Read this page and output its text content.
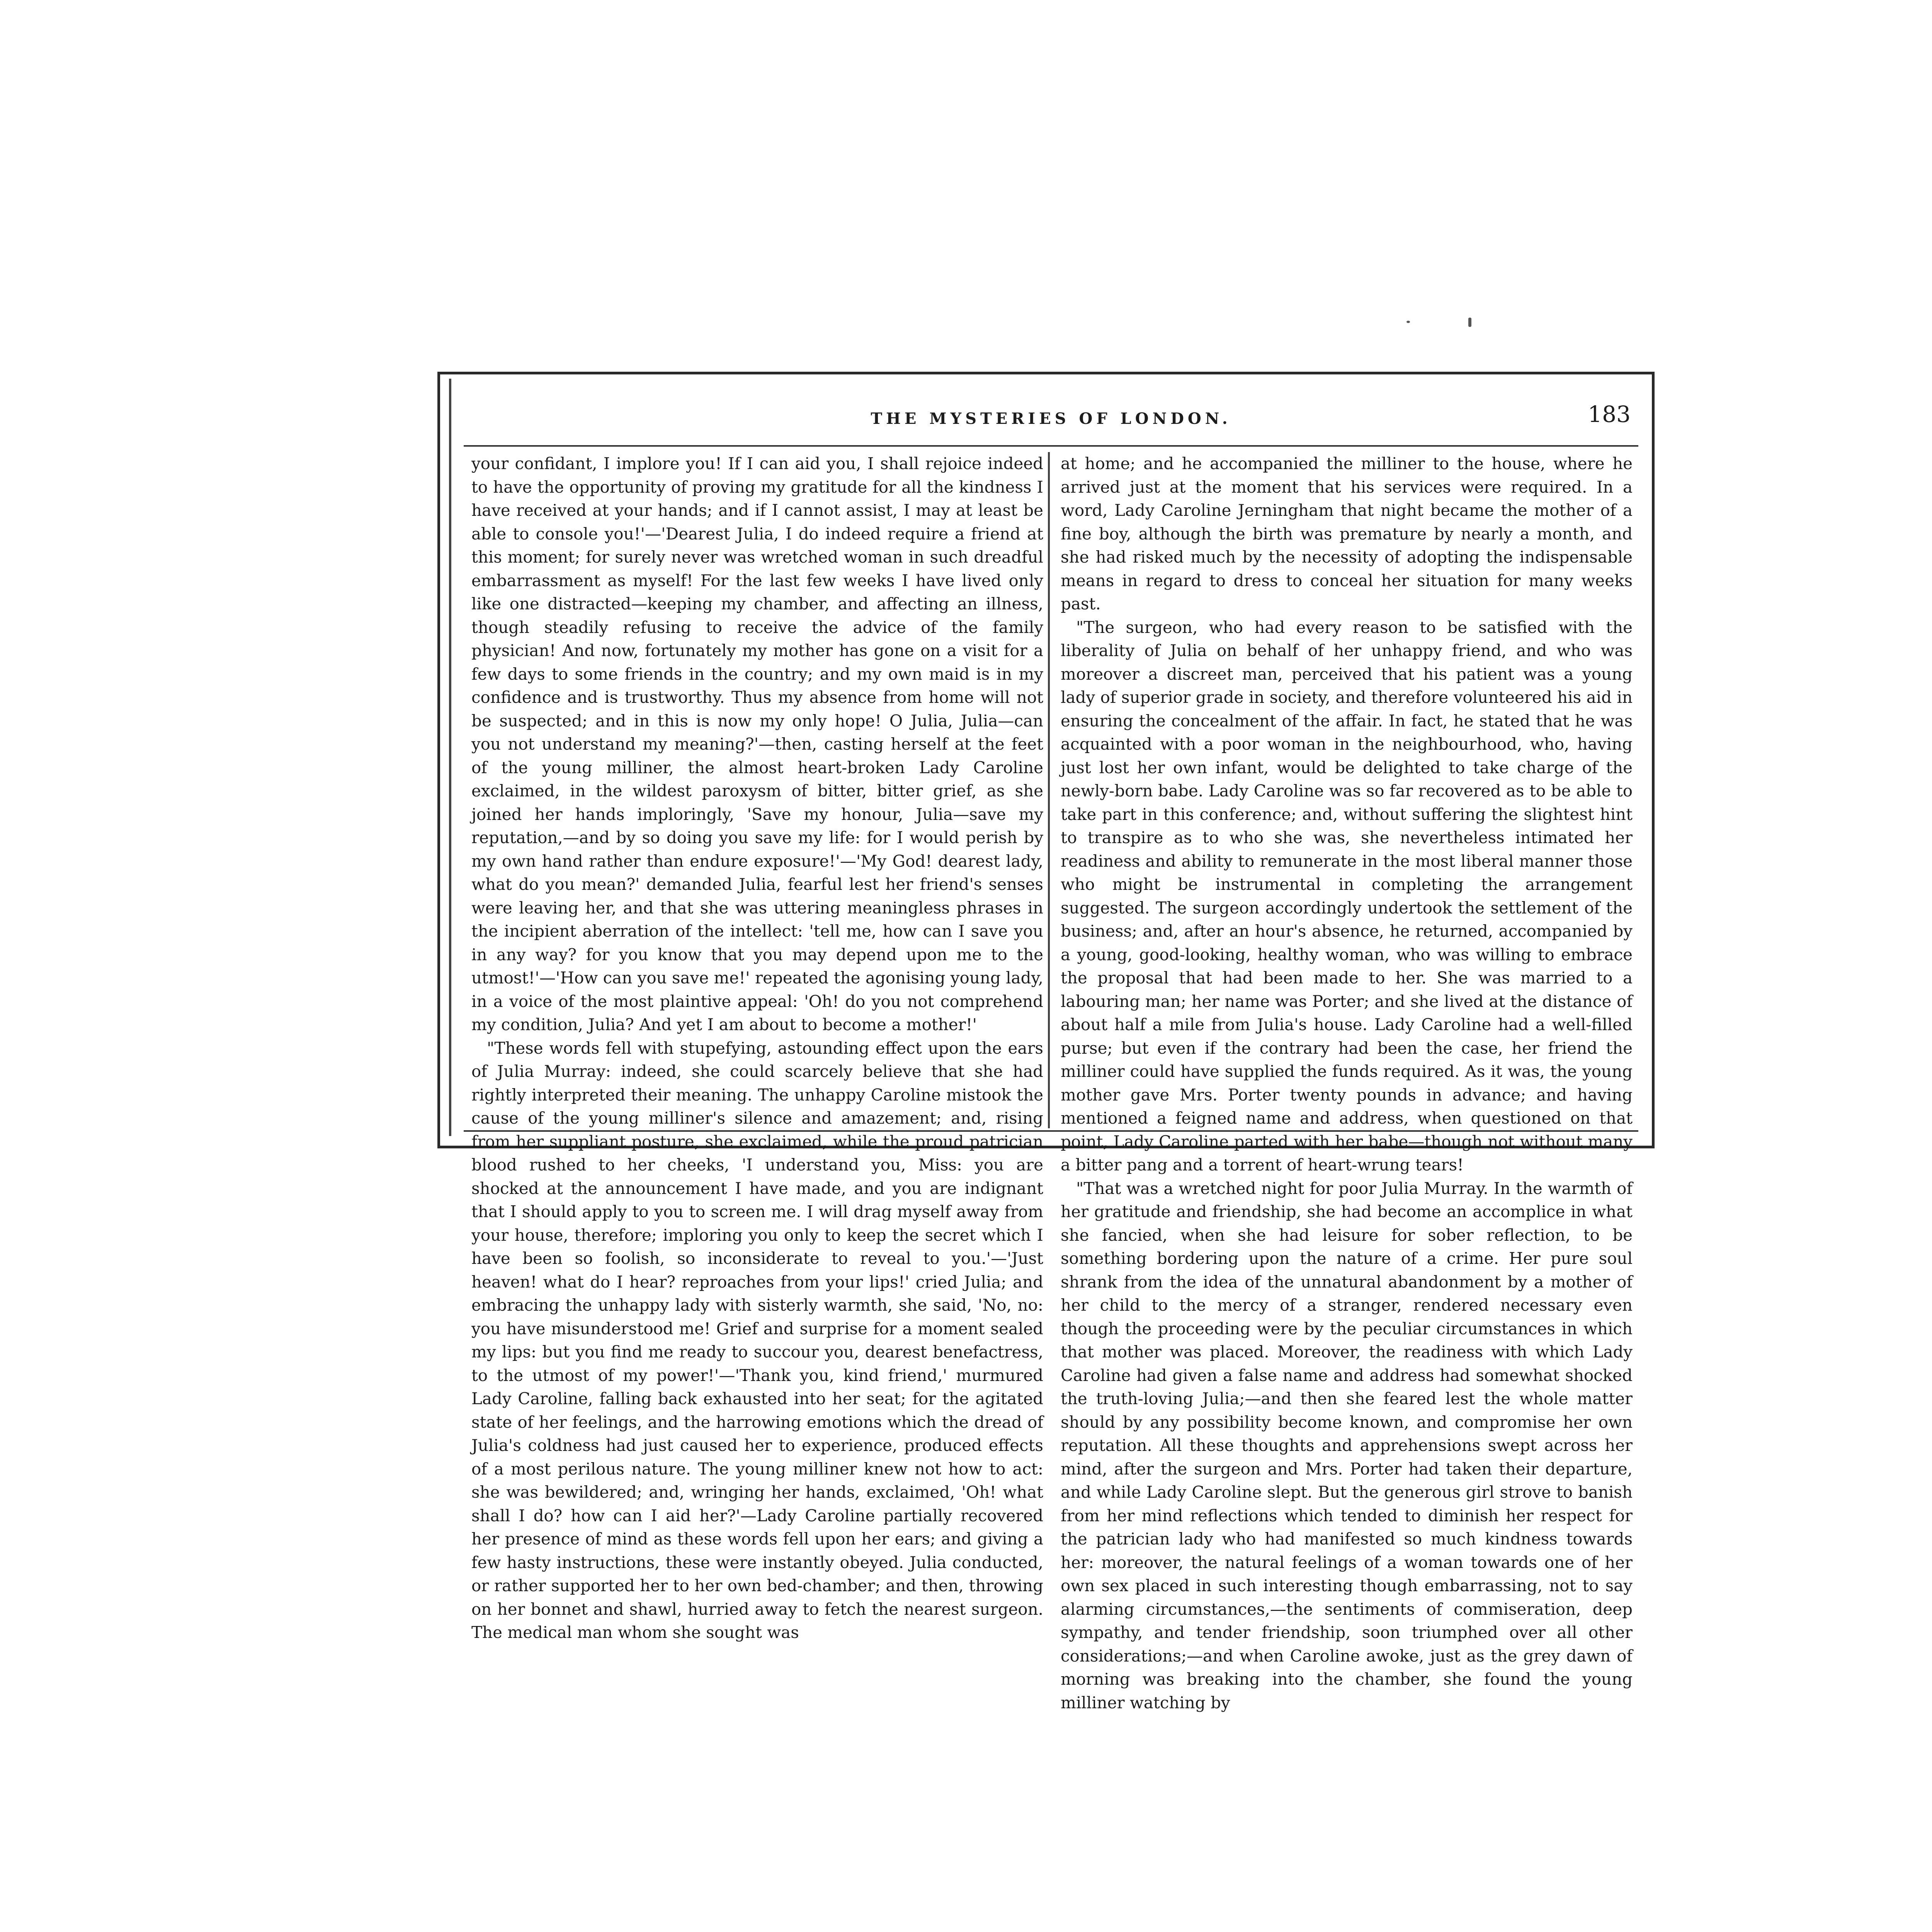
THE MYSTERIES OF LONDON.	183

your confidant, I implore you! If I can aid you, I shall rejoice indeed to have the opportunity of proving my gratitude for all the kindness I have received at your hands; and if I cannot assist, I may at least be able to console you!'—'Dearest Julia, I do indeed require a friend at this moment; for surely never was wretched woman in such dreadful embarrassment as myself! For the last few weeks I have lived only like one distracted—keeping my chamber, and affecting an illness, though steadily refusing to receive the advice of the family physician! And now, fortunately my mother has gone on a visit for a few days to some friends in the country; and my own maid is in my confidence and is trustworthy. Thus my absence from home will not be suspected; and in this is now my only hope! O Julia, Julia—can you not understand my meaning?'—then, casting herself at the feet of the young milliner, the almost heart-broken Lady Caroline exclaimed, in the wildest paroxysm of bitter, bitter grief, as she joined her hands imploringly, 'Save my honour, Julia—save my reputation,—and by so doing you save my life: for I would perish by my own hand rather than endure exposure!'—'My God! dearest lady, what do you mean?' demanded Julia, fearful lest her friend's senses were leaving her, and that she was uttering meaningless phrases in the incipient aberration of the intellect: 'tell me, how can I save you in any way? for you know that you may depend upon me to the utmost!'—'How can you save me!' repeated the agonising young lady, in a voice of the most plaintive appeal: 'Oh! do you not comprehend my condition, Julia? And yet I am about to become a mother!'

"These words fell with stupefying, astounding effect upon the ears of Julia Murray: indeed, she could scarcely believe that she had rightly interpreted their meaning. The unhappy Caroline mistook the cause of the young milliner's silence and amazement; and, rising from her suppliant posture, she exclaimed, while the proud patrician blood rushed to her cheeks, 'I understand you, Miss: you are shocked at the announcement I have made, and you are indignant that I should apply to you to screen me. I will drag myself away from your house, therefore; imploring you only to keep the secret which I have been so foolish, so inconsiderate to reveal to you.'—'Just heaven! what do I hear? reproaches from your lips!' cried Julia; and embracing the unhappy lady with sisterly warmth, she said, 'No, no: you have misunderstood me! Grief and surprise for a moment sealed my lips: but you find me ready to succour you, dearest benefactress, to the utmost of my power!'—'Thank you, kind friend,' murmured Lady Caroline, falling back exhausted into her seat; for the agitated state of her feelings, and the harrowing emotions which the dread of Julia's coldness had just caused her to experience, produced effects of a most perilous nature. The young milliner knew not how to act: she was bewildered; and, wringing her hands, exclaimed, 'Oh! what shall I do? how can I aid her?'—Lady Caroline partially recovered her presence of mind as these words fell upon her ears; and giving a few hasty instructions, these were instantly obeyed. Julia conducted, or rather supported her to her own bed-chamber; and then, throwing on her bonnet and shawl, hurried away to fetch the nearest surgeon. The medical man whom she sought was

at home; and he accompanied the milliner to the house, where he arrived just at the moment that his services were required. In a word, Lady Caroline Jerningham that night became the mother of a fine boy, although the birth was premature by nearly a month, and she had risked much by the necessity of adopting the indispensable means in regard to dress to conceal her situation for many weeks past.

"The surgeon, who had every reason to be satisfied with the liberality of Julia on behalf of her unhappy friend, and who was moreover a discreet man, perceived that his patient was a young lady of superior grade in society, and therefore volunteered his aid in ensuring the concealment of the affair. In fact, he stated that he was acquainted with a poor woman in the neighbourhood, who, having just lost her own infant, would be delighted to take charge of the newly-born babe. Lady Caroline was so far recovered as to be able to take part in this conference; and, without suffering the slightest hint to transpire as to who she was, she nevertheless intimated her readiness and ability to remunerate in the most liberal manner those who might be instrumental in completing the arrangement suggested. The surgeon accordingly undertook the settlement of the business; and, after an hour's absence, he returned, accompanied by a young, good-looking, healthy woman, who was willing to embrace the proposal that had been made to her. She was married to a labouring man; her name was Porter; and she lived at the distance of about half a mile from Julia's house. Lady Caroline had a well-filled purse; but even if the contrary had been the case, her friend the milliner could have supplied the funds required. As it was, the young mother gave Mrs. Porter twenty pounds in advance; and having mentioned a feigned name and address, when questioned on that point, Lady Caroline parted with her babe—though not without many a bitter pang and a torrent of heart-wrung tears!

"That was a wretched night for poor Julia Murray. In the warmth of her gratitude and friendship, she had become an accomplice in what she fancied, when she had leisure for sober reflection, to be something bordering upon the nature of a crime. Her pure soul shrank from the idea of the unnatural abandonment by a mother of her child to the mercy of a stranger, rendered necessary even though the proceeding were by the peculiar circumstances in which that mother was placed. Moreover, the readiness with which Lady Caroline had given a false name and address had somewhat shocked the truth-loving Julia;—and then she feared lest the whole matter should by any possibility become known, and compromise her own reputation. All these thoughts and apprehensions swept across her mind, after the surgeon and Mrs. Porter had taken their departure, and while Lady Caroline slept. But the generous girl strove to banish from her mind reflections which tended to diminish her respect for the patrician lady who had manifested so much kindness towards her: moreover, the natural feelings of a woman towards one of her own sex placed in such interesting though embarrassing, not to say alarming circumstances,—the sentiments of commiseration, deep sympathy, and tender friendship, soon triumphed over all other considerations;—and when Caroline awoke, just as the grey dawn of morning was breaking into the chamber, she found the young milliner watching by
